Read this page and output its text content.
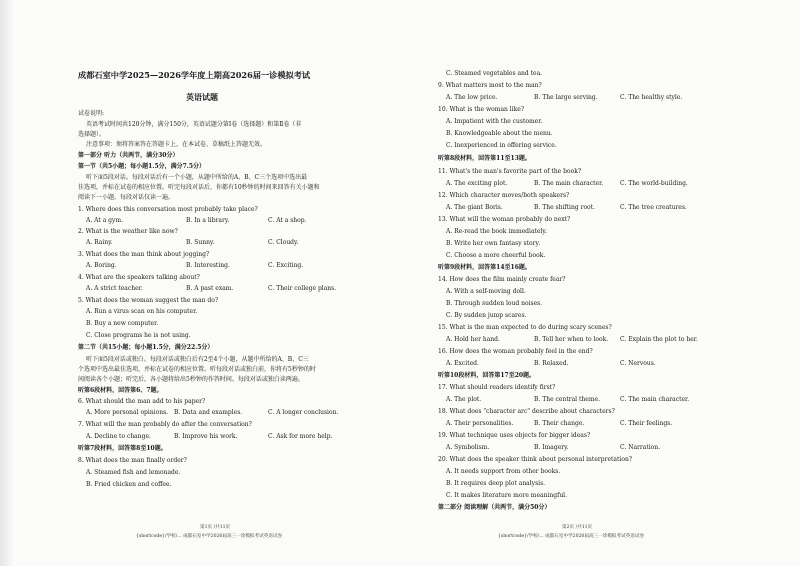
成都石室中学2025—2026学年度上期高2026届一诊模拟考试
英语试题
试卷说明:
英语考试时间共120分钟，满分150分，英语试题分第Ⅰ卷（选择题）和第Ⅱ卷（非
选择题）。
注意事项：须将答案答在答题卡上，在本试卷、草稿纸上答题无效。
第一部分 听力（共两节，满分30分）
第一节（共5小题；每小题1.5分，满分7.5分）
听下面5段对话。每段对话后有一个小题，从题中所给的A、B、C三个选项中选出最
佳选项，并标在试卷的相应位置。听完每段对话后，你都有10秒钟的时间来回答有关小题和
阅读下一小题。每段对话仅读一遍。
1. Where does this conversation most probably take place?
A. At a gym.	B. In a library.	C. At a shop.
2. What is the weather like now?
A. Rainy.	B. Sunny.	C. Cloudy.
3. What does the man think about jogging?
A. Boring.	B. Interesting.	C. Exciting.
4. What are the speakers talking about?
A. A strict teacher.	B. A past exam.	C. Their college plans.
5. What does the woman suggest the man do?
A. Run a virus scan on his computer.
B. Buy a new computer.
C. Close programs he is not using.
第二节（共15小题；每小题1.5分，满分22.5分）
听下面5段对话或独白。每段对话或独白后有2至4个小题，从题中所给的A、B、C三
个选项中选出最佳选项，并标在试卷的相应位置。听每段对话或独白前，你将有5秒钟的时
间阅读各个小题；听完后，各小题将给出5秒钟的作答时间。每段对话或独白读两遍。
听第6段材料，回答第6、7题。
6. What should the man add to his paper?
A. More personal opinions. B. Data and examples.	C. A longer conclusion.
7. What will the man probably do after the conversation?
A. Decline to change.	B. Improve his work.	C. Ask for more help.
听第7段材料，回答第8至10题。
8. What does the man finally order?
A. Steamed fish and lemonade.
B. Fried chicken and coffee.
第1页 /共11页
{shortcode}/学校/... 成都石室中学2026届高三一诊模拟考试英语试卷
C. Steamed vegetables and tea.
9. What matters most to the man?
A. The low price.	B. The large serving.	C. The healthy style.
10. What is the woman like?
A. Impatient with the customer.
B. Knowledgeable about the menu.
C. Inexperienced in offering service.
听第8段材料，回答第11至13题。
11. What's the man's favorite part of the book?
A. The exciting plot.	B. The main character.	C. The world-building.
12. Which character moves/both speakers?
A. The giant Boris.	B. The shifting root.	C. The tree creatures.
13. What will the woman probably do next?
A. Re-read the book immediately.
B. Write her own fantasy story.
C. Choose a more cheerful book.
听第9段材料，回答第14至16题。
14. How does the film mainly create fear?
A. With a self-moving doll.
B. Through sudden loud noises.
C. By sudden jump scares.
15. What is the man expected to do during scary scenes?
A. Hold her hand.	B. Tell her when to look. C. Explain the plot to her.
16. How does the woman probably feel in the end?
A. Excited.	B. Relaxed.	C. Nervous.
听第10段材料，回答第17至20题。
17. What should readers identify first?
A. The plot.	B. The central theme.	C. The main character.
18. What does "character arc" describe about characters?
A. Their personalities.	B. Their change.	C. Their feelings.
19. What technique uses objects for bigger ideas?
A. Symbolism.	B. Imagery.	C. Narration.
20. What does the speaker think about personal interpretation?
A. It needs support from other books.
B. It requires deep plot analysis.
C. It makes literature more meaningful.
第二部分 阅读理解（共两节，满分50分）
第2页 /共11页
{shortcode}/学校/... 成都石室中学2026届高三一诊模拟考试英语试卷
